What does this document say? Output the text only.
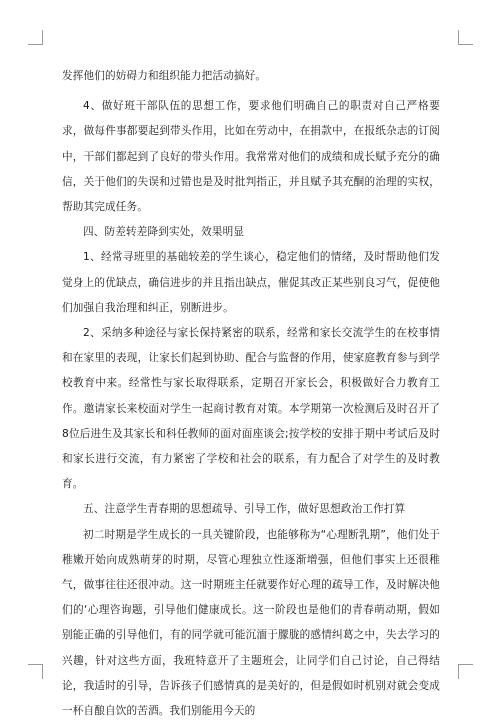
发挥他们的妨碍力和组织能力把活动搞好。

4、做好班干部队伍的思想工作，要求他们明确自己的职责对自己严格要求，做每件事都要起到带头作用，比如在劳动中，在捐款中，在报纸杂志的订阅中，干部们都起到了良好的带头作用。我常常对他们的成绩和成长赋予充分的确信，关于他们的失误和过错也是及时批判指正，并且赋予其充酮的治理的实权，帮助其完成任务。

四、防差转差降到实处，效果明显

1、经常寻班里的基础较差的学生谈心，稳定他们的情绪，及时帮助他们发觉身上的优缺点，确信进步的并且指出缺点，催促其改正某些别良习气，促使他们加强自我治理和纠正，别断进步。

2、采纳多种途径与家长保持紧密的联系，经常和家长交流学生的在校事情和在家里的表现，让家长们起到协助、配合与监督的作用，使家庭教育参与到学校教育中来。经常性与家长取得联系，定期召开家长会，积极做好合力教育工作。邀请家长来校面对学生一起商讨教育对策。本学期第一次检测后及时召开了8位后进生及其家长和科任教师的面对面座谈会;按学校的安排于期中考试后及时和家长进行交流，有力紧密了学校和社会的联系，有力配合了对学生的及时教育。

五、注意学生青春期的思想疏导、引导工作，做好思想政治工作打算

初二时期是学生成长的一具关键阶段，也能够称为“心理断乳期”，他们处于稚嫩开始向成熟萌芽的时期，尽管心理独立性逐渐增强，但他们事实上还很稚气，做事往往还很冲动。这一时期班主任就要作好心理的疏导工作，及时解决他们的‘心理咨询题，引导他们健康成长。这一阶段也是他们的青春萌动期，假如别能正确的引导他们，有的同学就可能沉湎于朦胧的感情纠葛之中，失去学习的兴趣，针对这些方面，我班特意开了主题班会，让同学们自己讨论，自己得结论，我适时的引导，告诉孩子们感情真的是美好的，但是假如时机别对就会变成一杯自酿自饮的苦酒。我们别能用今天的
